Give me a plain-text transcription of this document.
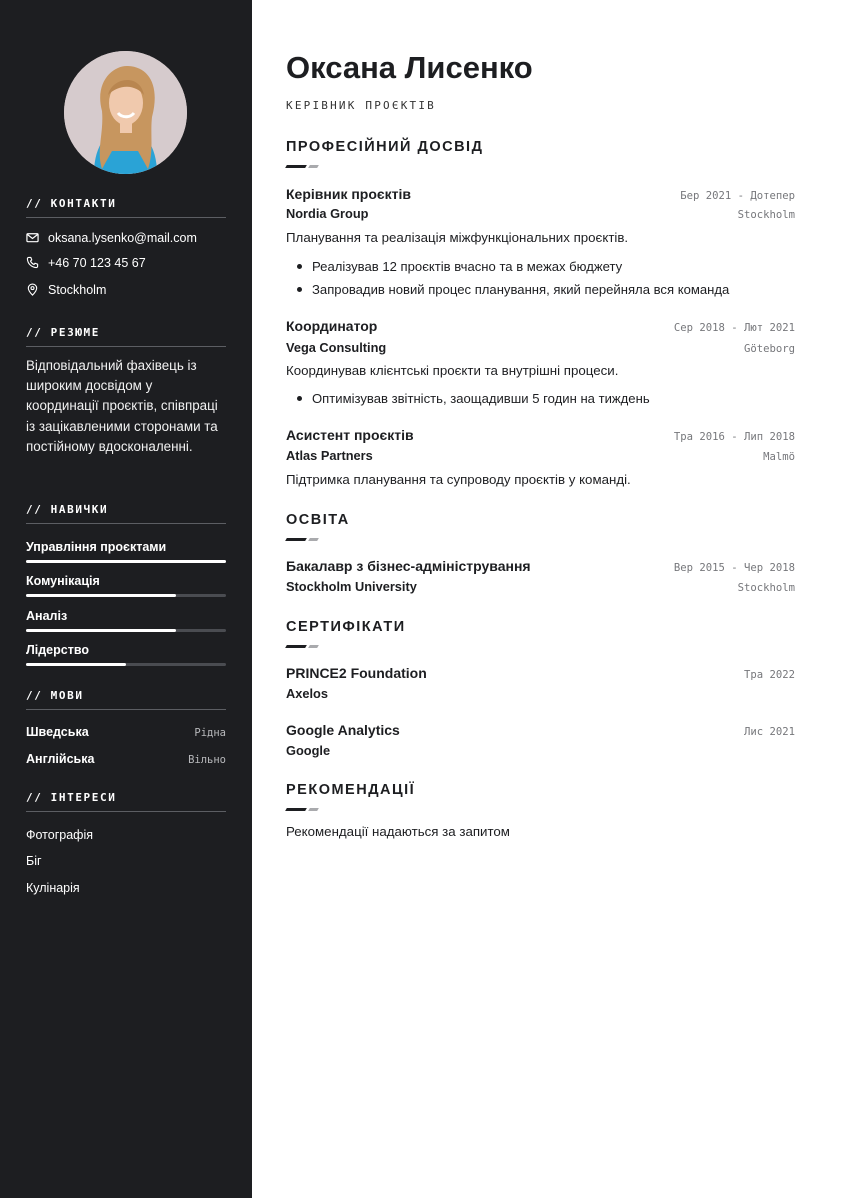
// КОНТАКТИ
oksana.lysenko@mail.com
+46 70 123 45 67
Stockholm
// РЕЗЮМЕ
Відповідальний фахівець із широким досвідом у координації проєктів, співпраці із зацікавленими сторонами та постійному вдосконаленні.
// НАВИЧКИ
Управління проєктами
Комунікація
Аналіз
Лідерство
// МОВИ
Шведська	Рідна
Англійська	Вільно
// ІНТЕРЕСИ
Фотографія
Біг
Кулінарія
Оксана Лисенко
КЕРІВНИК ПРОЄКТІВ
ПРОФЕСІЙНИЙ ДОСВІД
Керівник проєктів	Бер 2021 - Дотепер
Nordia Group	Stockholm
Планування та реалізація міжфункціональних проєктів.
Реалізував 12 проєктів вчасно та в межах бюджету
Запровадив новий процес планування, який перейняла вся команда
Координатор	Сер 2018 - Лют 2021
Vega Consulting	Göteborg
Координував клієнтські проєкти та внутрішні процеси.
Оптимізував звітність, заощадивши 5 годин на тиждень
Асистент проєктів	Тра 2016 - Лип 2018
Atlas Partners	Malmö
Підтримка планування та супроводу проєктів у команді.
ОСВІТА
Бакалавр з бізнес-адміністрування	Вер 2015 - Чер 2018
Stockholm University	Stockholm
СЕРТИФІКАТИ
PRINCE2 Foundation	Тра 2022
Axelos
Google Analytics	Лис 2021
Google
РЕКОМЕНДАЦІЇ
Рекомендації надаються за запитом
